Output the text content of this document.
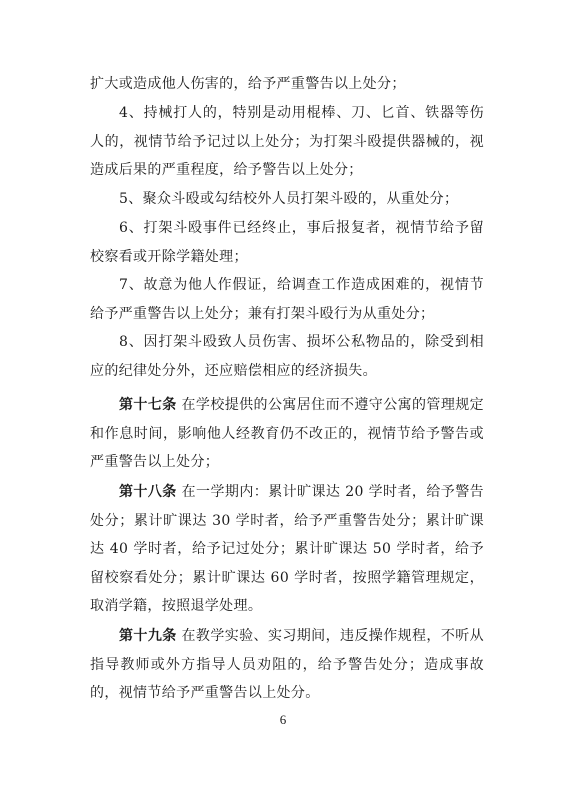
扩大或造成他人伤害的，给予严重警告以上处分；

4、持械打人的，特别是动用棍棒、刀、匕首、铁器等伤人的，视情节给予记过以上处分；为打架斗殴提供器械的，视造成后果的严重程度，给予警告以上处分；

5、聚众斗殴或勾结校外人员打架斗殴的，从重处分；

6、打架斗殴事件已经终止，事后报复者，视情节给予留校察看或开除学籍处理；

7、故意为他人作假证，给调查工作造成困难的，视情节给予严重警告以上处分；兼有打架斗殴行为从重处分；

8、因打架斗殴致人员伤害、损坏公私物品的，除受到相应的纪律处分外，还应赔偿相应的经济损失。

第十七条 在学校提供的公寓居住而不遵守公寓的管理规定和作息时间，影响他人经教育仍不改正的，视情节给予警告或严重警告以上处分；

第十八条 在一学期内：累计旷课达 20 学时者，给予警告处分；累计旷课达 30 学时者，给予严重警告处分；累计旷课达 40 学时者，给予记过处分；累计旷课达 50 学时者，给予留校察看处分；累计旷课达 60 学时者，按照学籍管理规定，取消学籍，按照退学处理。

第十九条 在教学实验、实习期间，违反操作规程，不听从指导教师或外方指导人员劝阻的，给予警告处分；造成事故的，视情节给予严重警告以上处分。

6
